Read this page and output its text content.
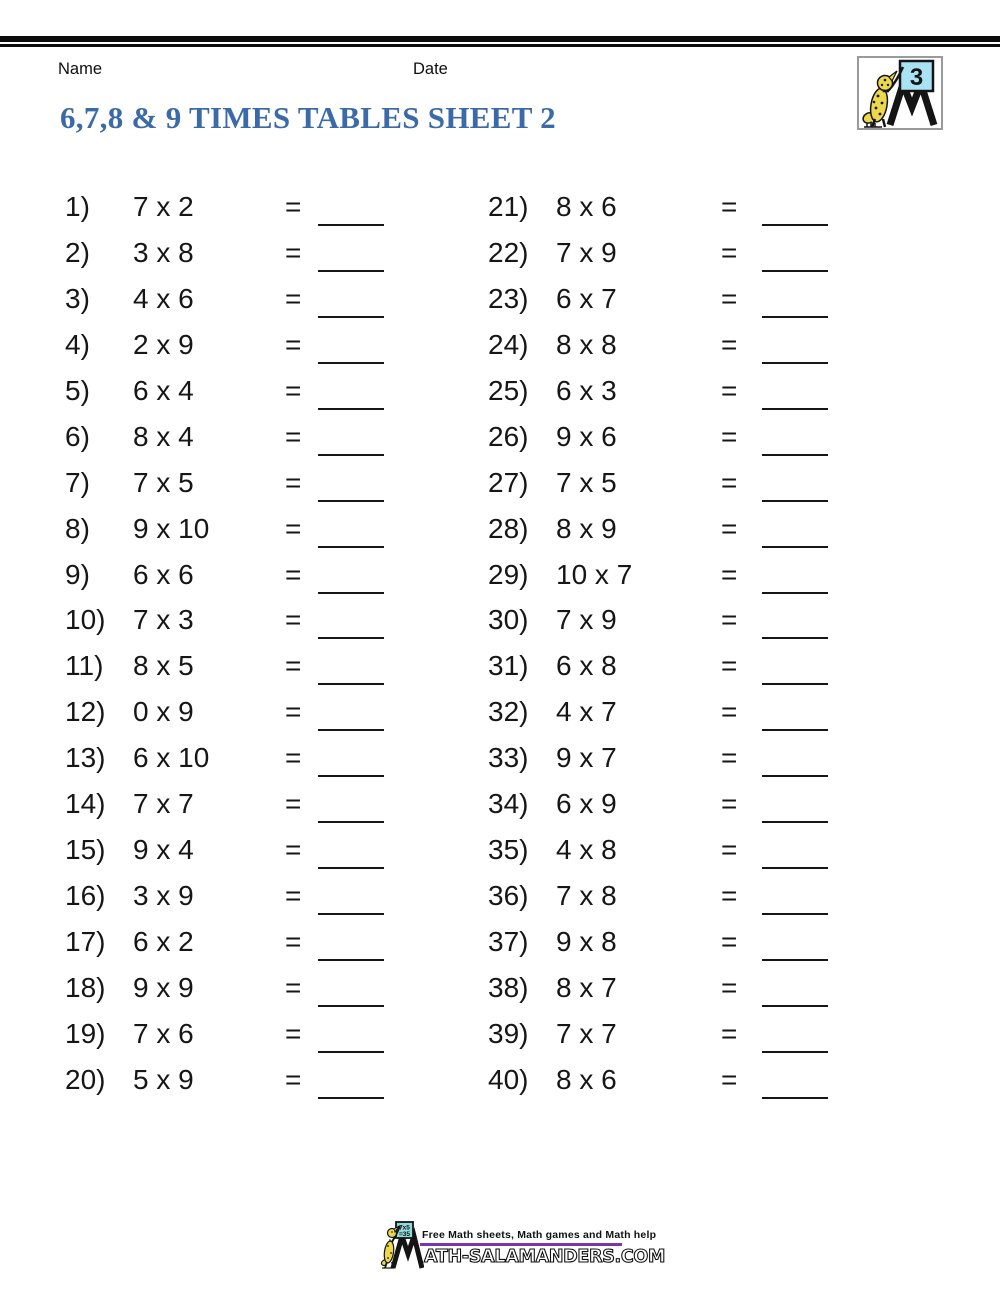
Name	Date	3
6,7,8 & 9 TIMES TABLES SHEET 2
1)	7 x 2	=
2)	3 x 8	=
3)	4 x 6	=
4)	2 x 9	=
5)	6 x 4	=
6)	8 x 4	=
7)	7 x 5	=
8)	9 x 10	=
9)	6 x 6	=
10) 7 x 3	=
11)	8 x 5	=
12) 0 x 9	=
13) 6 x 10	=
14) 7 x 7	=
15) 9 x 4	=
16) 3 x 9	=
17) 6 x 2	=
18) 9 x 9	=
19) 7 x 6	=
20) 5 x 9	=
21) 8 x 6	=
22) 7 x 9	=
23) 6 x 7	=
24) 8 x 8	=
25) 6 x 3	=
26) 9 x 6	=
27) 7 x 5	=
28) 8 x 9	=
29) 10 x 7	=
30) 7 x 9	=
31) 6 x 8	=
32) 4 x 7	=
33) 9 x 7	=
34) 6 x 9	=
35) 4 x 8	=
36) 7 x 8	=
37) 9 x 8	=
38) 8 x 7	=
39) 7 x 7	=
40) 8 x 6	=
7x5
=35 Free Math sheets, Math games and Math help
ATH-SALAMANDERS.COM
